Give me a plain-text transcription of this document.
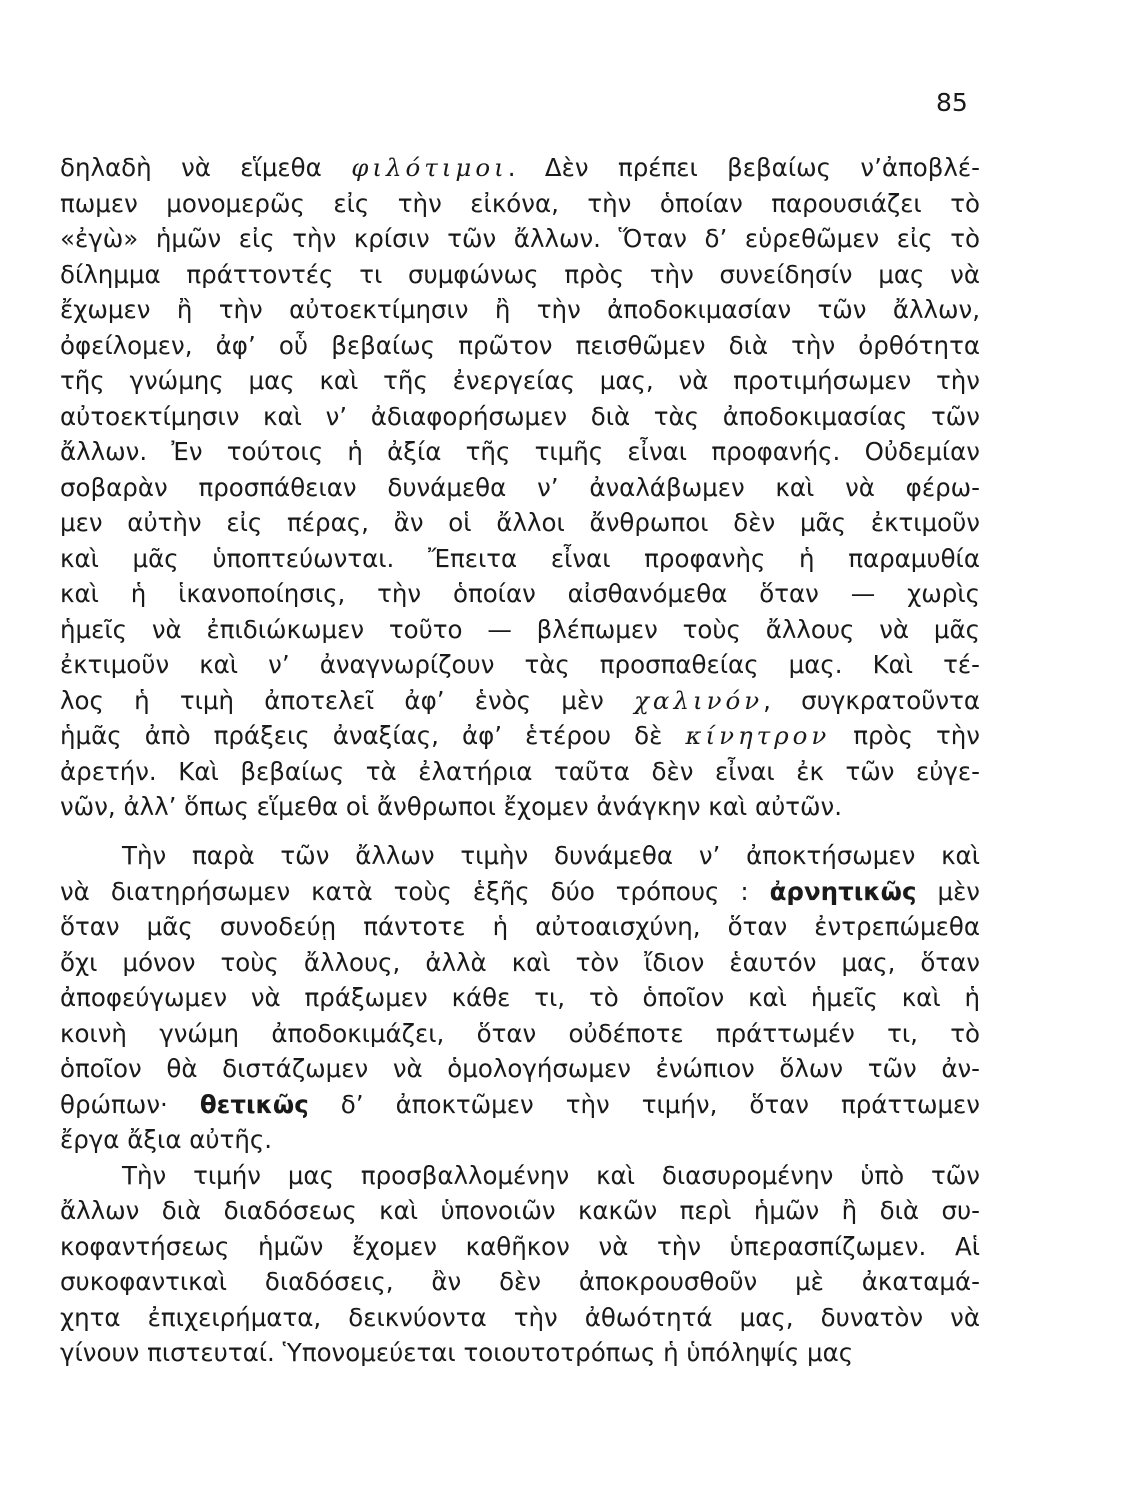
85
δηλαδὴ νὰ εἵμεθα φιλότιμοι. Δὲν πρέπει βεβαίως ν’ἀποβλέ-
πωμεν μονομερῶς εἰς τὴν εἰκόνα, τὴν ὁποίαν παρουσιάζει τὸ
«ἐγὼ» ἡμῶν εἰς τὴν κρίσιν τῶν ἄλλων. Ὅταν δ’ εὑρεθῶμεν εἰς τὸ
δίλημμα πράττοντές τι συμφώνως πρὸς τὴν συνείδησίν μας νὰ
ἔχωμεν ἢ τὴν αὐτοεκτίμησιν ἢ τὴν ἀποδοκιμασίαν τῶν ἄλλων,
ὀφείλομεν, ἀφ’ οὗ βεβαίως πρῶτον πεισθῶμεν διὰ τὴν ὀρθότητα
τῆς γνώμης μας καὶ τῆς ἐνεργείας μας, νὰ προτιμήσωμεν τὴν
αὐτοεκτίμησιν καὶ ν’ ἀδιαφορήσωμεν διὰ τὰς ἀποδοκιμασίας τῶν
ἄλλων. Ἐν τούτοις ἡ ἀξία τῆς τιμῆς εἶναι προφανής. Οὐδεμίαν
σοβαρὰν προσπάθειαν δυνάμεθα ν’ ἀναλάβωμεν καὶ νὰ φέρω-
μεν αὐτὴν εἰς πέρας, ἂν οἱ ἄλλοι ἄνθρωποι δὲν μᾶς ἐκτιμοῦν
καὶ μᾶς ὑποπτεύωνται. Ἔπειτα εἶναι προφανὴς ἡ παραμυθία
καὶ ἡ ἱκανοποίησις, τὴν ὁποίαν αἰσθανόμεθα ὅταν — χωρὶς
ἡμεῖς νὰ ἐπιδιώκωμεν τοῦτο — βλέπωμεν τοὺς ἄλλους νὰ μᾶς
ἐκτιμοῦν καὶ ν’ ἀναγνωρίζουν τὰς προσπαθείας μας. Καὶ τέ-
λος ἡ τιμὴ ἀποτελεῖ ἀφ’ ἑνὸς μὲν χαλινόν, συγκρατοῦντα
ἡμᾶς ἀπὸ πράξεις ἀναξίας, ἀφ’ ἑτέρου δὲ κίνητρον πρὸς τὴν
ἀρετήν. Καὶ βεβαίως τὰ ἐλατήρια ταῦτα δὲν εἶναι ἐκ τῶν εὐγε-
νῶν, ἀλλ’ ὅπως εἵμεθα οἱ ἄνθρωποι ἔχομεν ἀνάγκην καὶ αὐτῶν.
Τὴν παρὰ τῶν ἄλλων τιμὴν δυνάμεθα ν’ ἀποκτήσωμεν καὶ
νὰ διατηρήσωμεν κατὰ τοὺς ἑξῆς δύο τρόπους : ἀρνητικῶς μὲν
ὅταν μᾶς συνοδεύῃ πάντοτε ἡ αὐτοαισχύνη, ὅταν ἐντρεπώμεθα
ὄχι μόνον τοὺς ἄλλους, ἀλλὰ καὶ τὸν ἴδιον ἑαυτόν μας, ὅταν
ἀποφεύγωμεν νὰ πράξωμεν κάθε τι, τὸ ὁποῖον καὶ ἡμεῖς καὶ ἡ
κοινὴ γνώμη ἀποδοκιμάζει, ὅταν οὐδέποτε πράττωμέν τι, τὸ
ὁποῖον θὰ διστάζωμεν νὰ ὁμολογήσωμεν ἐνώπιον ὅλων τῶν ἀν-
θρώπων· θετικῶς δ’ ἀποκτῶμεν τὴν τιμήν, ὅταν πράττωμεν
ἔργα ἄξια αὐτῆς.
Τὴν τιμήν μας προσβαλλομένην καὶ διασυρομένην ὑπὸ τῶν
ἄλλων διὰ διαδόσεως καὶ ὑπονοιῶν κακῶν περὶ ἡμῶν ἢ διὰ συ-
κοφαντήσεως ἡμῶν ἔχομεν καθῆκον νὰ τὴν ὑπερασπίζωμεν. Αἱ
συκοφαντικαὶ διαδόσεις, ἂν δὲν ἀποκρουσθοῦν μὲ ἀκαταμά-
χητα ἐπιχειρήματα, δεικνύοντα τὴν ἀθωότητά μας, δυνατὸν νὰ
γίνουν πιστευταί. Ὑπονομεύεται τοιουτοτρόπως ἡ ὑπόληψίς μας
